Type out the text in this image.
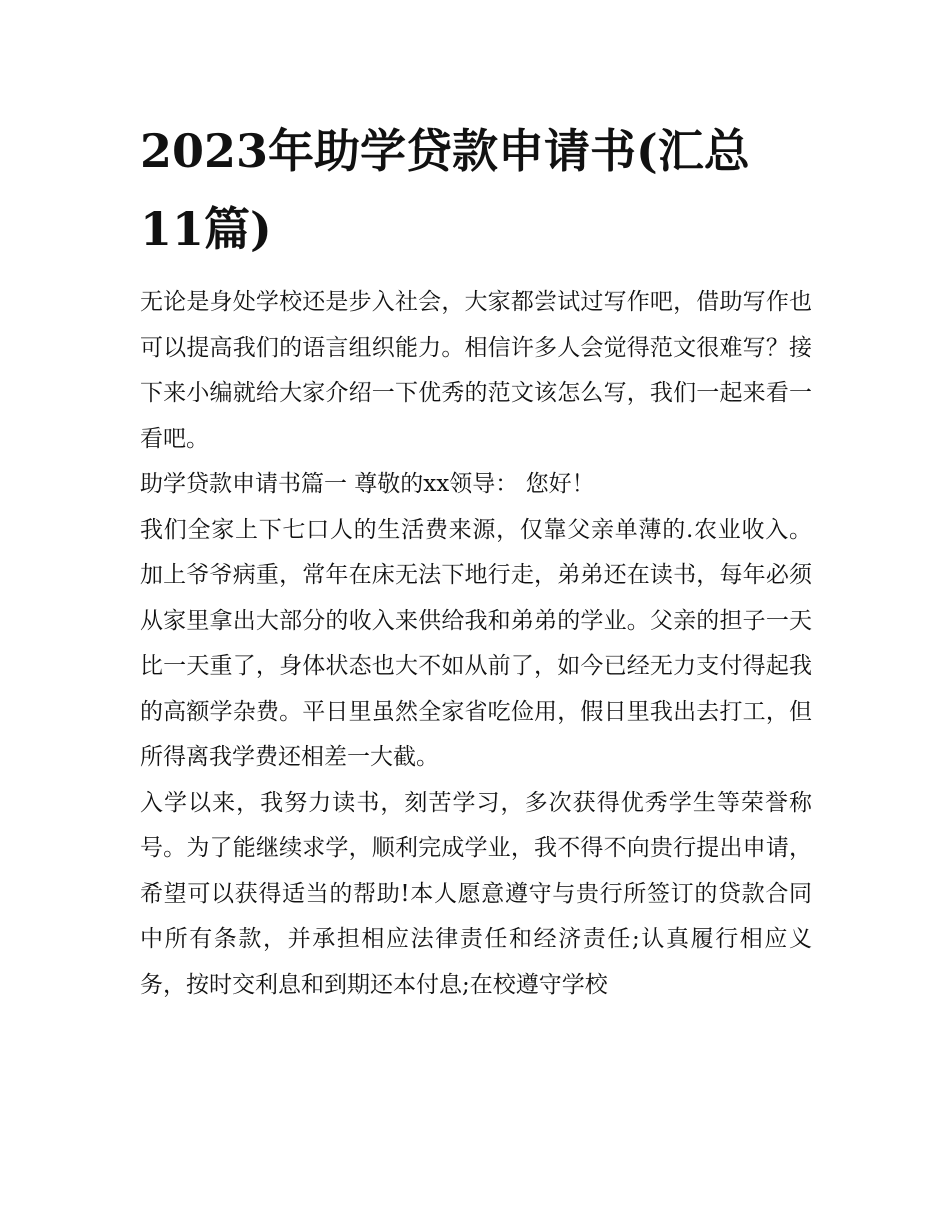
2023年助学贷款申请书(汇总11篇)

无论是身处学校还是步入社会，大家都尝试过写作吧，借助写作也可以提高我们的语言组织能力。相信许多人会觉得范文很难写？接下来小编就给大家介绍一下优秀的范文该怎么写，我们一起来看一看吧。

助学贷款申请书篇一 尊敬的xx领导： 您好！

我们全家上下七口人的生活费来源，仅靠父亲单薄的.农业收入。加上爷爷病重，常年在床无法下地行走，弟弟还在读书，每年必须从家里拿出大部分的收入来供给我和弟弟的学业。父亲的担子一天比一天重了，身体状态也大不如从前了，如今已经无力支付得起我的高额学杂费。平日里虽然全家省吃俭用，假日里我出去打工，但所得离我学费还相差一大截。

入学以来，我努力读书，刻苦学习，多次获得优秀学生等荣誉称号。为了能继续求学，顺利完成学业，我不得不向贵行提出申请，希望可以获得适当的帮助!本人愿意遵守与贵行所签订的贷款合同中所有条款，并承担相应法律责任和经济责任;认真履行相应义务，按时交利息和到期还本付息;在校遵守学校
